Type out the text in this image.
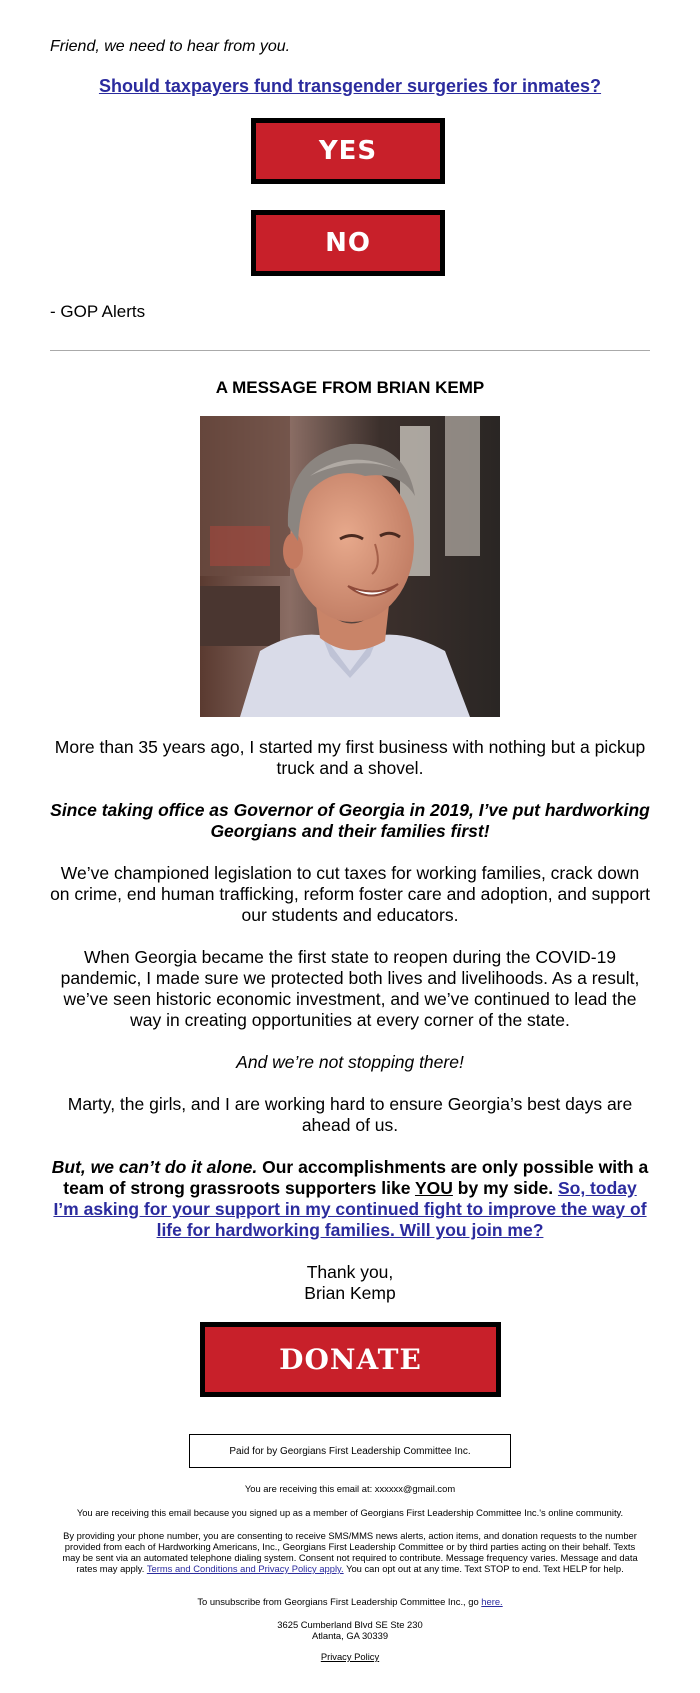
Friend, we need to hear from you.
Should taxpayers fund transgender surgeries for inmates?
YES
NO
- GOP Alerts
A MESSAGE FROM BRIAN KEMP
More than 35 years ago, I started my first business with nothing but a pickup truck and a shovel.
Since taking office as Governor of Georgia in 2019, I’ve put hardworking Georgians and their families first!
We’ve championed legislation to cut taxes for working families, crack down on crime, end human trafficking, reform foster care and adoption, and support our students and educators.
When Georgia became the first state to reopen during the COVID-19 pandemic, I made sure we protected both lives and livelihoods. As a result, we’ve seen historic economic investment, and we’ve continued to lead the way in creating opportunities at every corner of the state.
And we’re not stopping there!
Marty, the girls, and I are working hard to ensure Georgia’s best days are ahead of us.
But, we can’t do it alone. Our accomplishments are only possible with a team of strong grassroots supporters like YOU by my side. So, today I’m asking for your support in my continued fight to improve the way of life for hardworking families. Will you join me?
Thank you,
Brian Kemp
DONATE
Paid for by Georgians First Leadership Committee Inc.
You are receiving this email at: xxxxxx@gmail.com
You are receiving this email because you signed up as a member of Georgians First Leadership Committee Inc.'s online community.
By providing your phone number, you are consenting to receive SMS/MMS news alerts, action items, and donation requests to the number provided from each of Hardworking Americans, Inc., Georgians First Leadership Committee or by third parties acting on their behalf. Texts may be sent via an automated telephone dialing system. Consent not required to contribute. Message frequency varies. Message and data rates may apply. Terms and Conditions and Privacy Policy apply. You can opt out at any time. Text STOP to end. Text HELP for help.
To unsubscribe from Georgians First Leadership Committee Inc., go here.
3625 Cumberland Blvd SE Ste 230
Atlanta, GA 30339
Privacy Policy
